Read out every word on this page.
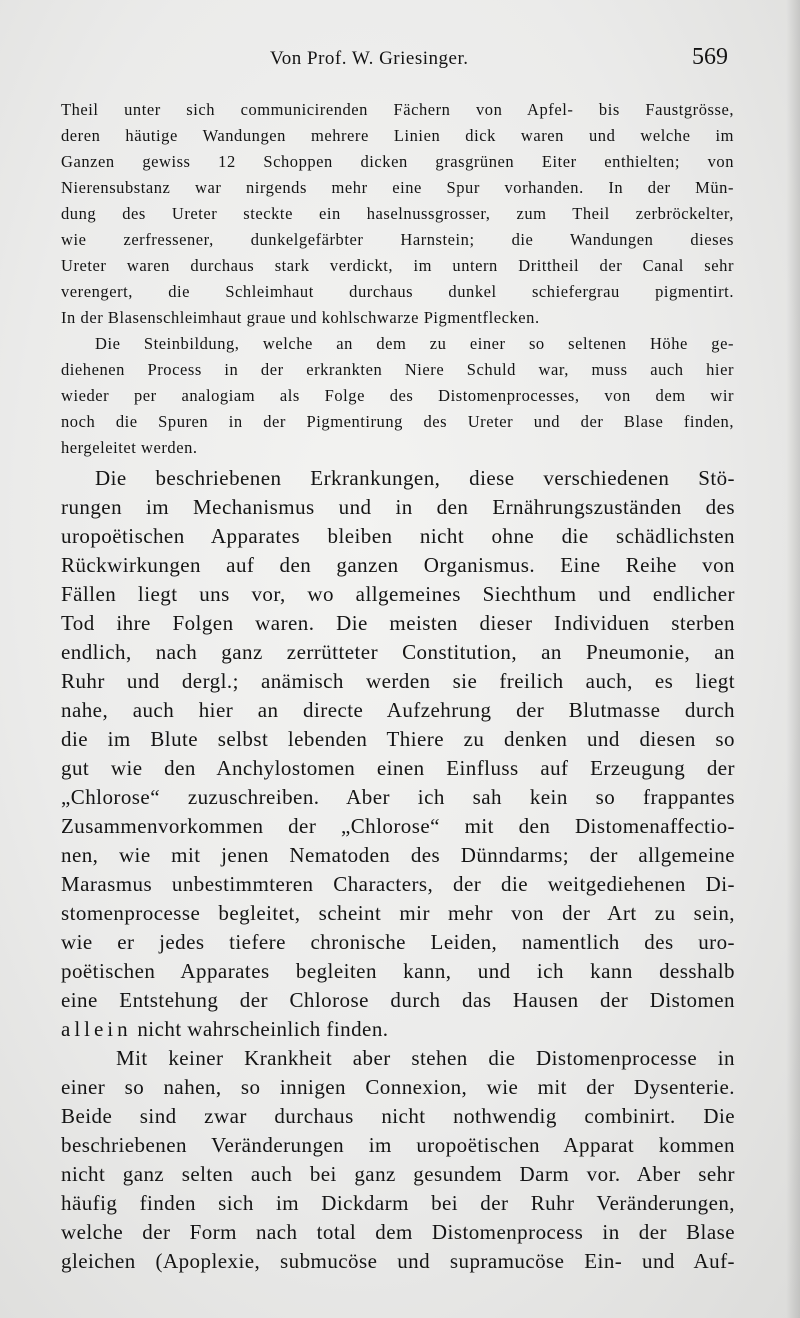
Von Prof. W. Griesinger.	569
Theil unter sich communicirenden Fächern von Apfel- bis Faustgrösse,
deren häutige Wandungen mehrere Linien dick waren und welche im
Ganzen gewiss 12 Schoppen dicken grasgrünen Eiter enthielten; von
Nierensubstanz war nirgends mehr eine Spur vorhanden. In der Mün-
dung des Ureter steckte ein haselnussgrosser, zum Theil zerbröckelter,
wie zerfressener, dunkelgefärbter Harnstein; die Wandungen dieses
Ureter waren durchaus stark verdickt, im untern Drittheil der Canal sehr
verengert, die Schleimhaut durchaus dunkel schiefergrau pigmentirt.
In der Blasenschleimhaut graue und kohlschwarze Pigmentflecken.
Die Steinbildung, welche an dem zu einer so seltenen Höhe ge-
diehenen Process in der erkrankten Niere Schuld war, muss auch hier
wieder per analogiam als Folge des Distomenprocesses, von dem wir
noch die Spuren in der Pigmentirung des Ureter und der Blase finden,
hergeleitet werden.
Die beschriebenen Erkrankungen, diese verschiedenen Stö-
rungen im Mechanismus und in den Ernährungszuständen des
uropoëtischen Apparates bleiben nicht ohne die schädlichsten
Rückwirkungen auf den ganzen Organismus. Eine Reihe von
Fällen liegt uns vor, wo allgemeines Siechthum und endlicher
Tod ihre Folgen waren. Die meisten dieser Individuen sterben
endlich, nach ganz zerrütteter Constitution, an Pneumonie, an
Ruhr und dergl.; anämisch werden sie freilich auch, es liegt
nahe, auch hier an directe Aufzehrung der Blutmasse durch
die im Blute selbst lebenden Thiere zu denken und diesen so
gut wie den Anchylostomen einen Einfluss auf Erzeugung der
„Chlorose“ zuzuschreiben. Aber ich sah kein so frappantes
Zusammenvorkommen der „Chlorose“ mit den Distomenaffectio-
nen, wie mit jenen Nematoden des Dünndarms; der allgemeine
Marasmus unbestimmteren Characters, der die weitgediehenen Di-
stomenprocesse begleitet, scheint mir mehr von der Art zu sein,
wie er jedes tiefere chronische Leiden, namentlich des uro-
poëtischen Apparates begleiten kann, und ich kann desshalb
eine Entstehung der Chlorose durch das Hausen der Distomen
allein nicht wahrscheinlich finden.
Mit keiner Krankheit aber stehen die Distomenprocesse in
einer so nahen, so innigen Connexion, wie mit der Dysenterie.
Beide sind zwar durchaus nicht nothwendig combinirt. Die
beschriebenen Veränderungen im uropoëtischen Apparat kommen
nicht ganz selten auch bei ganz gesundem Darm vor. Aber sehr
häufig finden sich im Dickdarm bei der Ruhr Veränderungen,
welche der Form nach total dem Distomenprocess in der Blase
gleichen (Apoplexie, submucöse und supramucöse Ein- und Auf-
